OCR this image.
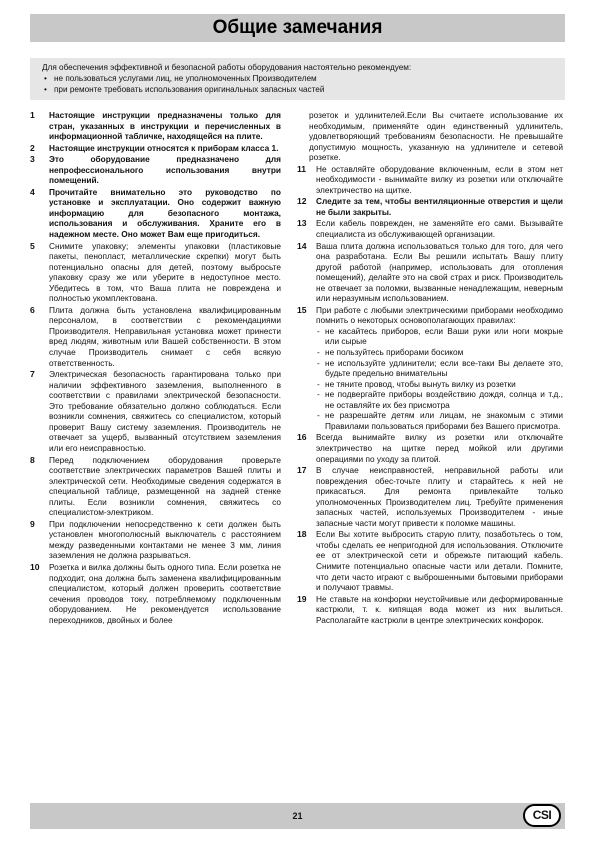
Общие замечания

Для обеспечения эффективной и безопасной работы оборудования настоятельно рекомендуем:

• не пользоваться услугами лиц, не уполномоченных Производителем
• при ремонте требовать использования оригинальных запасных частей
1 Настоящие инструкции предназначены только для стран, указанных в инструкции и перечисленных в информационной табличке, находящейся на плите.
2 Настоящие инструкции относятся к приборам класса 1.
3 Это оборудование предназначено для непрофессионального использования внутри помещений.
4 Прочитайте внимательно это руководство по установке и эксплуатации. Оно содержит важную информацию для безопасного монтажа, использования и обслуживания. Храните его в надежном месте. Оно может Вам еще пригодиться.
5 Снимите упаковку; элементы упаковки (пластиковые пакеты, пенопласт, металлические скрепки) могут быть потенциально опасны для детей, поэтому выбросьте упаковку сразу же или уберите в недоступное место. Убедитесь в том, что Ваша плита не повреждена и полностью укомплектована.
6 Плита должна быть установлена квалифицированным персоналом, в соответствии с рекомендациями Производителя. Неправильная установка может принести вред людям, животным или Вашей собственности. В этом случае Производитель снимает с себя всякую ответственность.
7 Электрическая безопасность гарантирована только при наличии эффективного заземления, выполненного в соответствии с правилами электрической безопасности. Это требование обязательно должно соблюдаться. Если возникли сомнения, свяжитесь со специалистом, который проверит Вашу систему заземления. Производитель не отвечает за ущерб, вызванный отсутствием заземления или его неисправностью.
8 Перед подключением оборудования проверьте соответствие электрических параметров Вашей плиты и электрической сети. Необходимые сведения содержатся в специальной таблице, размещенной на задней стенке плиты. Если возникли сомнения, свяжитесь со специалистом-электриком.
9 При подключении непосредственно к сети должен быть установлен многополюсный выключатель с расстоянием между разведенными контактами не менее 3 мм, линия заземления не должна разрываться.
10 Розетка и вилка должны быть одного типа. Если розетка не подходит, она должна быть заменена квалифицированным специалистом, который должен проверить соответствие сечения проводов току, потребляемому подключенным оборудованием. Не рекомендуется использование переходников, двойных и более
розеток и удлинителей.Если Вы считаете использование их необходимым, применяйте один единственный удлинитель, удовлетворяющий требованиям безопасности. Не превышайте допустимую мощность, указанную на удлинителе и сетевой розетке.
11 Не оставляйте оборудование включенным, если в этом нет необходимости - вынимайте вилку из розетки или отключайте электричество на щитке.
12 Следите за тем, чтобы вентиляционные отверстия и щели не были закрыты.
13 Если кабель поврежден, не заменяйте его сами. Вызывайте специалиста из обслуживающей организации.
14 Ваша плита должна использоваться только для того, для чего она разработана. Если Вы решили испытать Вашу плиту другой работой (например, использовать для отопления помещений), делайте это на свой страх и риск. Производитель не отвечает за поломки, вызванные ненадлежащим, неверным или неразумным использованием.
15 При работе с любыми электрическими приборами необходимо помнить о некоторых основополагающих правилах:
- не касайтесь приборов, если Ваши руки или ноги мокрые или сырые
- не пользуйтесь приборами босиком
- не используйте удлинители; если все-таки Вы делаете это, будьте предельно внимательны
- не тяните провод, чтобы вынуть вилку из розетки
- не подвергайте приборы воздействию дождя, солнца и т.д., не оставляйте их без присмотра
- не разрешайте детям или лицам, не знакомым с этими Правилами пользоваться приборами без Вашего присмотра.
16 Всегда вынимайте вилку из розетки или отключайте электричество на щитке перед мойкой или другими операциями по уходу за плитой.
17 В случае неисправностей, неправильной работы или повреждения обес-точьте плиту и старайтесь к ней не прикасаться. Для ремонта привлекайте только уполномоченных Производителем лиц. Требуйте применения запасных частей, используемых Производителем - иные запасные части могут привести к поломке машины.
18 Если Вы хотите выбросить старую плиту, позаботьтесь о том, чтобы сделать ее непригодной для использования. Отключите ее от электрической сети и обрежьте питающий кабель. Снимите потенциально опасные части или детали. Помните, что дети часто играют с выброшенными бытовыми приборами и получают травмы.
19 Не ставьте на конфорки неустойчивые или деформированные кастрюли, т. к. кипящая вода может из них вылиться. Располагайте кастрюли в центре электрических конфорок.
21	CSI
